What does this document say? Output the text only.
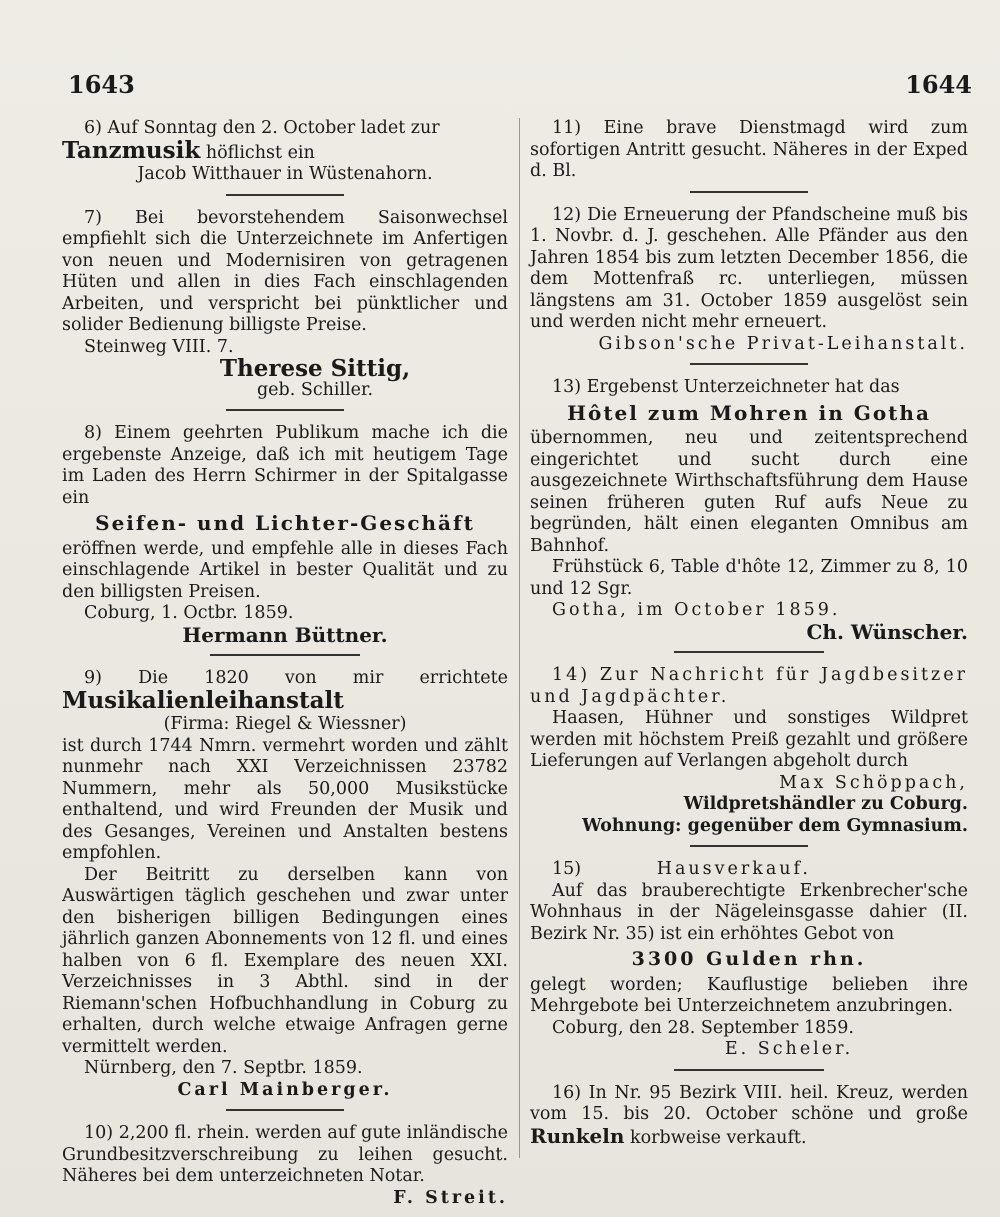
1643	1644

6) Auf Sonntag den 2. October ladet zur

Tanzmusik höflichst ein

Jacob Witthauer in Wüstenahorn.

7) Bei bevorstehendem Saisonwechsel empfiehlt sich die Unterzeichnete im Anfertigen von neuen und Modernisiren von getragenen Hüten und allen in dies Fach einschlagenden Arbeiten, und verspricht bei pünktlicher und solider Bedienung billigste Preise.

Steinweg VIII. 7.

Therese Sittig,

geb. Schiller.

8) Einem geehrten Publikum mache ich die ergebenste Anzeige, daß ich mit heutigem Tage im Laden des Herrn Schirmer in der Spitalgasse ein

Seifen- und Lichter-Geschäft

eröffnen werde, und empfehle alle in dieses Fach einschlagende Artikel in bester Qualität und zu den billigsten Preisen.

Coburg, 1. Octbr. 1859.

Hermann Büttner.

9) Die 1820 von mir errichtete Musikalienleihanstalt

(Firma: Riegel & Wiessner)

ist durch 1744 Nmrn. vermehrt worden und zählt nunmehr nach XXI Verzeichnissen 23782 Nummern, mehr als 50,000 Musikstücke enthaltend, und wird Freunden der Musik und des Gesanges, Vereinen und Anstalten bestens empfohlen.

Der Beitritt zu derselben kann von Auswärtigen täglich geschehen und zwar unter den bisherigen billigen Bedingungen eines jährlich ganzen Abonnements von 12 fl. und eines halben von 6 fl. Exemplare des neuen XXI. Verzeichnisses in 3 Abthl. sind in der Riemann'schen Hofbuchhandlung in Coburg zu erhalten, durch welche etwaige Anfragen gerne vermittelt werden.

Nürnberg, den 7. Septbr. 1859.

Carl Mainberger.

10) 2,200 fl. rhein. werden auf gute inländische Grundbesitzverschreibung zu leihen gesucht. Näheres bei dem unterzeichneten Notar.

F. Streit.

11) Eine brave Dienstmagd wird zum sofortigen Antritt gesucht. Näheres in der Exped d. Bl.

12) Die Erneuerung der Pfandscheine muß bis 1. Novbr. d. J. geschehen. Alle Pfänder aus den Jahren 1854 bis zum letzten December 1856, die dem Mottenfraß rc. unterliegen, müssen längstens am 31. October 1859 ausgelöst sein und werden nicht mehr erneuert.

Gibson'sche Privat-Leihanstalt.

13) Ergebenst Unterzeichneter hat das

Hôtel zum Mohren in Gotha

übernommen, neu und zeitentsprechend eingerichtet und sucht durch eine ausgezeichnete Wirthschaftsführung dem Hause seinen früheren guten Ruf aufs Neue zu begründen, hält einen eleganten Omnibus am Bahnhof.

Frühstück 6, Table d'hôte 12, Zimmer zu 8, 10 und 12 Sgr.

Gotha, im October 1859.

Ch. Wünscher.

14) Zur Nachricht für Jagdbesitzer und Jagdpächter.

Haasen, Hühner und sonstiges Wildpret werden mit höchstem Preiß gezahlt und größere Lieferungen auf Verlangen abgeholt durch

Max Schöppach,

Wildpretshändler zu Coburg.

Wohnung: gegenüber dem Gymnasium.

15)	Hausverkauf.

Auf das brauberechtigte Erkenbrecher'sche Wohnhaus in der Nägeleinsgasse dahier (II. Bezirk Nr. 35) ist ein erhöhtes Gebot von

3300 Gulden rhn.

gelegt worden; Kauflustige belieben ihre Mehrgebote bei Unterzeichnetem anzubringen.

Coburg, den 28. September 1859.

E. Scheler.

16) In Nr. 95 Bezirk VIII. heil. Kreuz, werden vom 15. bis 20. October schöne und große Runkeln korbweise verkauft.
